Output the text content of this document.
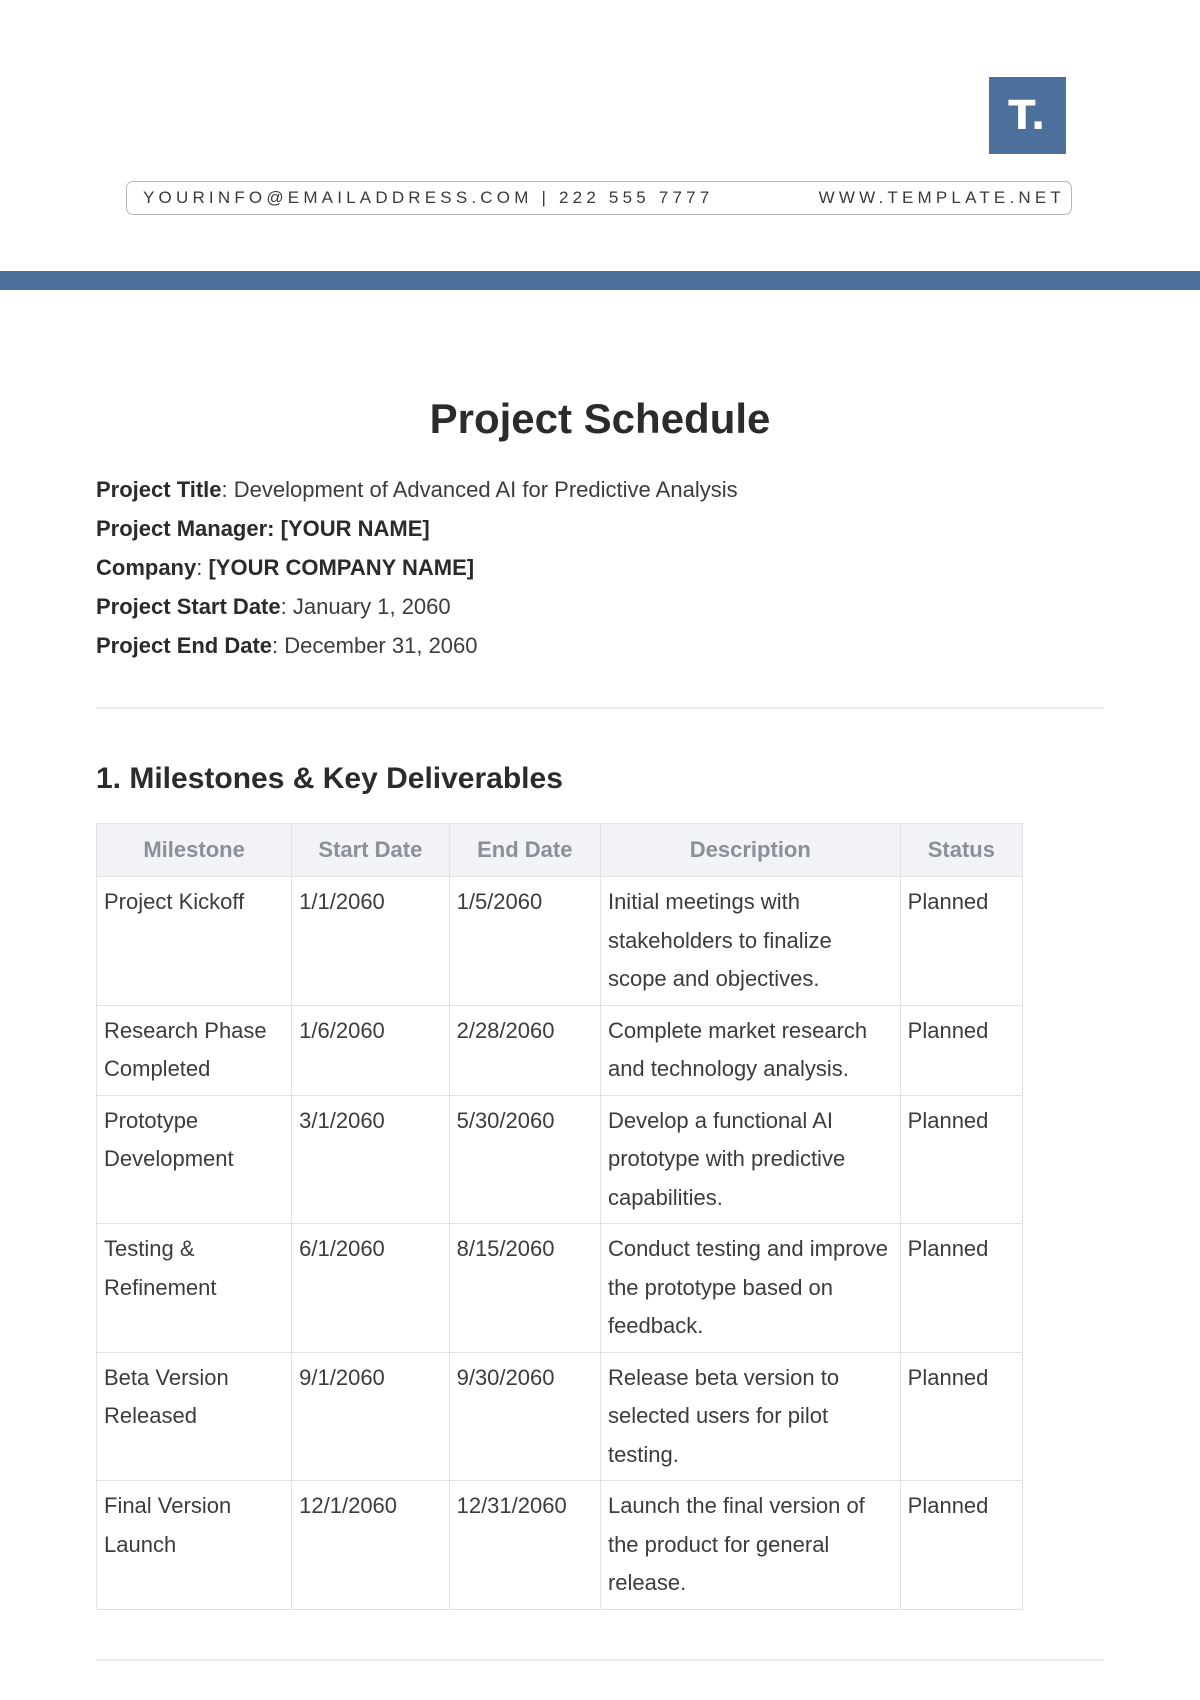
T.
YOURINFO@EMAILADDRESS.COM | 222 555 7777	WWW.TEMPLATE.NET
Project Schedule
Project Title: Development of Advanced AI for Predictive Analysis
Project Manager: [YOUR NAME]
Company: [YOUR COMPANY NAME]
Project Start Date: January 1, 2060
Project End Date: December 31, 2060
1. Milestones & Key Deliverables
Milestone	Start Date	End Date	Description	Status
Project Kickoff	1/1/2060	1/5/2060	Initial meetings with stakeholders to finalize scope and objectives.	Planned
Research Phase Completed	1/6/2060	2/28/2060	Complete market research and technology analysis.	Planned
Prototype Development	3/1/2060	5/30/2060	Develop a functional AI prototype with predictive capabilities.	Planned
Testing & Refinement	6/1/2060	8/15/2060	Conduct testing and improve the prototype based on feedback.	Planned
Beta Version Released	9/1/2060	9/30/2060	Release beta version to selected users for pilot testing.	Planned
Final Version Launch	12/1/2060	12/31/2060	Launch the final version of the product for general release.	Planned
